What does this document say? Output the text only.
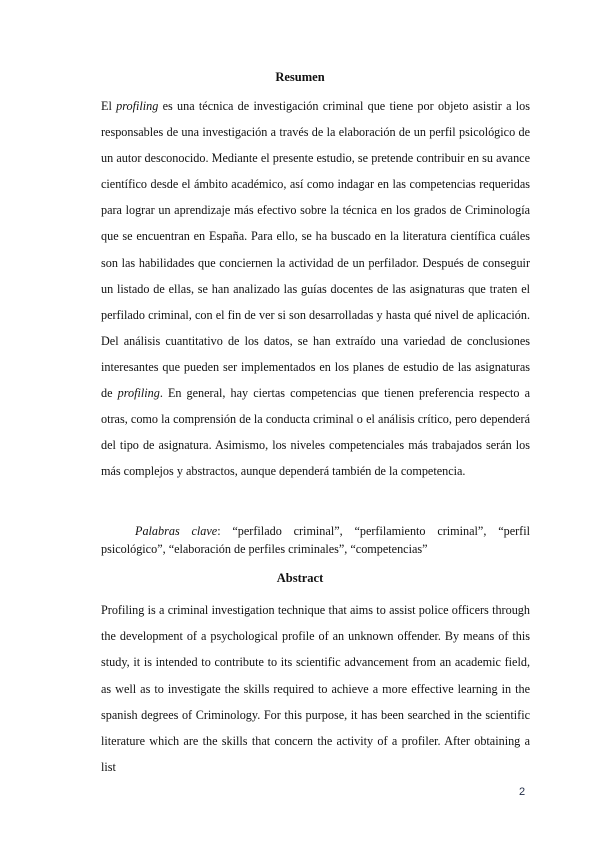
Resumen

El profiling es una técnica de investigación criminal que tiene por objeto asistir a los responsables de una investigación a través de la elaboración de un perfil psicológico de un autor desconocido. Mediante el presente estudio, se pretende contribuir en su avance científico desde el ámbito académico, así como indagar en las competencias requeridas para lograr un aprendizaje más efectivo sobre la técnica en los grados de Criminología que se encuentran en España. Para ello, se ha buscado en la literatura científica cuáles son las habilidades que conciernen la actividad de un perfilador. Después de conseguir un listado de ellas, se han analizado las guías docentes de las asignaturas que traten el perfilado criminal, con el fin de ver si son desarrolladas y hasta qué nivel de aplicación. Del análisis cuantitativo de los datos, se han extraído una variedad de conclusiones interesantes que pueden ser implementados en los planes de estudio de las asignaturas de profiling. En general, hay ciertas competencias que tienen preferencia respecto a otras, como la comprensión de la conducta criminal o el análisis crítico, pero dependerá del tipo de asignatura. Asimismo, los niveles competenciales más trabajados serán los más complejos y abstractos, aunque dependerá también de la competencia.

Palabras clave: “perfilado criminal”, “perfilamiento criminal”, “perfil psicológico”, “elaboración de perfiles criminales”, “competencias”

Abstract

Profiling is a criminal investigation technique that aims to assist police officers through the development of a psychological profile of an unknown offender. By means of this study, it is intended to contribute to its scientific advancement from an academic field, as well as to investigate the skills required to achieve a more effective learning in the spanish degrees of Criminology. For this purpose, it has been searched in the scientific literature which are the skills that concern the activity of a profiler. After obtaining a list

2
